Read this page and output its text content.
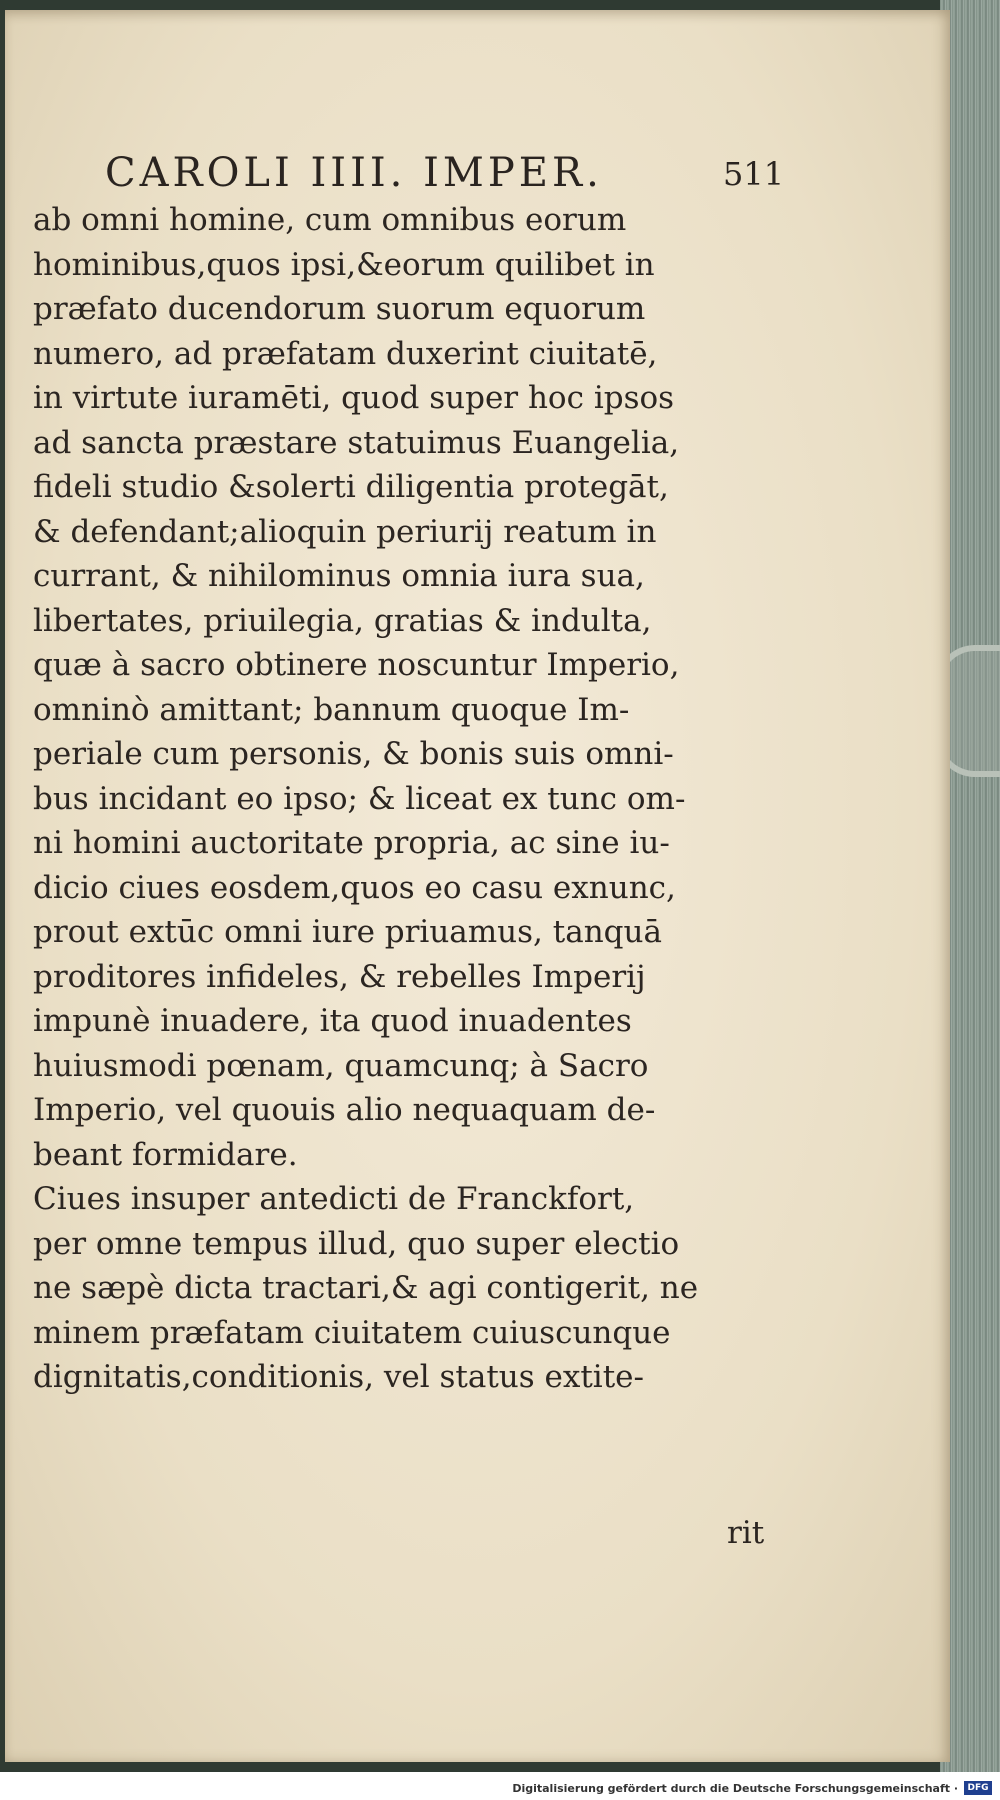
CAROLI IIII. IMPER.	511

ab omni homine, cum omnibus eorum
hominibus,quos ipsi,&eorum quilibet in
præfato ducendorum suorum equorum
numero, ad præfatam duxerint ciuitatē,
in virtute iuramēti, quod super hoc ipsos
ad sancta præstare statuimus Euangelia,
fideli studio &solerti diligentia protegāt,
& defendant;alioquin periurij reatum in
currant, & nihilominus omnia iura sua,
libertates, priuilegia, gratias & indulta,
quæ à sacro obtinere noscuntur Imperio,
omninò amittant; bannum quoque Im-
periale cum personis, & bonis suis omni-
bus incidant eo ipso; & liceat ex tunc om-
ni homini auctoritate propria, ac sine iu-
dicio ciues eosdem,quos eo casu exnunc,
prout extūc omni iure priuamus, tanquā
proditores infideles, & rebelles Imperij
impunè inuadere, ita quod inuadentes
huiusmodi pœnam, quamcunq; à Sacro
Imperio, vel quouis alio nequaquam de-
beant formidare.
Ciues insuper antedicti de Franckfort,
per omne tempus illud, quo super electio
ne sæpè dicta tractari,& agi contigerit, ne
minem præfatam ciuitatem cuiuscunque
dignitatis,conditionis, vel status extite-

rit

Digitalisierung gefördert durch die Deutsche Forschungsgemeinschaft ·	DFG
